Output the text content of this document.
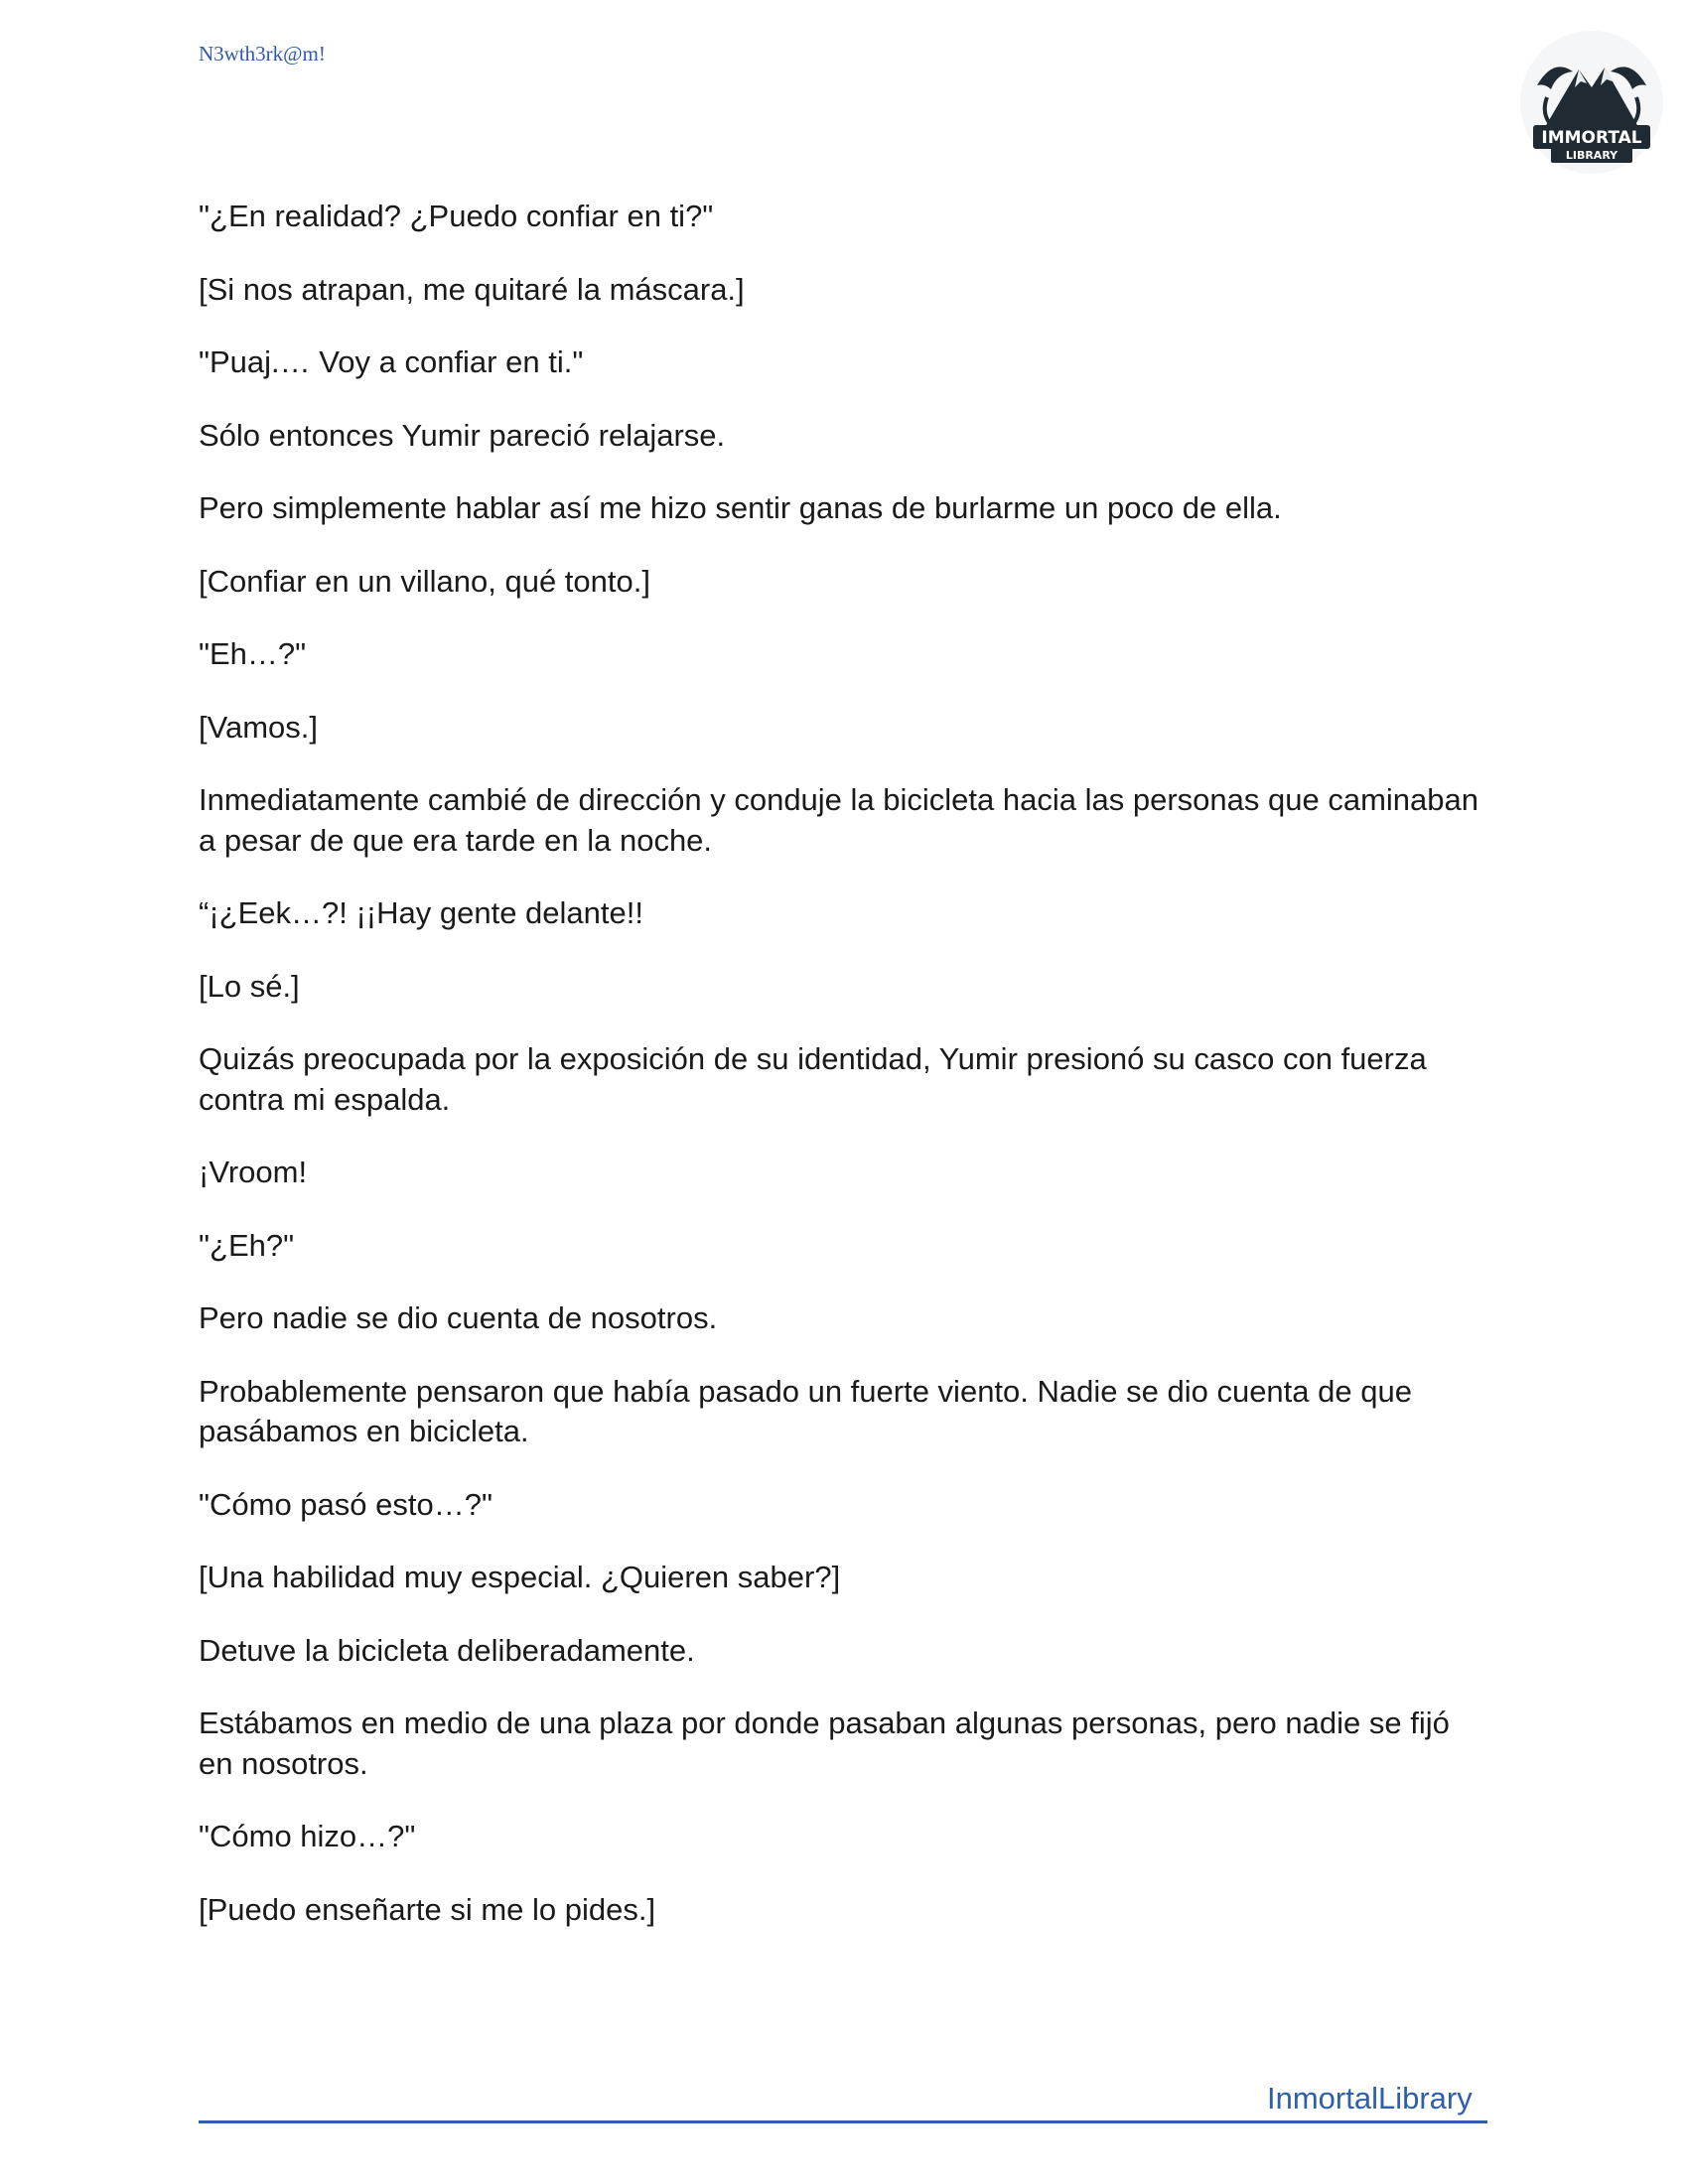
N3wth3rk@m!
IMMORTAL
LIBRARY

"¿En realidad? ¿Puedo confiar en ti?"

[Si nos atrapan, me quitaré la máscara.]

"Puaj.… Voy a confiar en ti."

Sólo entonces Yumir pareció relajarse.

Pero simplemente hablar así me hizo sentir ganas de burlarme un poco de ella.

[Confiar en un villano, qué tonto.]

"Eh…?"

[Vamos.]

Inmediatamente cambié de dirección y conduje la bicicleta hacia las personas que caminaban a pesar de que era tarde en la noche.

“¡¿Eek…?! ¡¡Hay gente delante!!

[Lo sé.]

Quizás preocupada por la exposición de su identidad, Yumir presionó su casco con fuerza contra mi espalda.

¡Vroom!

"¿Eh?"

Pero nadie se dio cuenta de nosotros.

Probablemente pensaron que había pasado un fuerte viento. Nadie se dio cuenta de que pasábamos en bicicleta.

"Cómo pasó esto…?"

[Una habilidad muy especial. ¿Quieren saber?]

Detuve la bicicleta deliberadamente.

Estábamos en medio de una plaza por donde pasaban algunas personas, pero nadie se fijó en nosotros.

"Cómo hizo…?"

[Puedo enseñarte si me lo pides.]

InmortalLibrary
